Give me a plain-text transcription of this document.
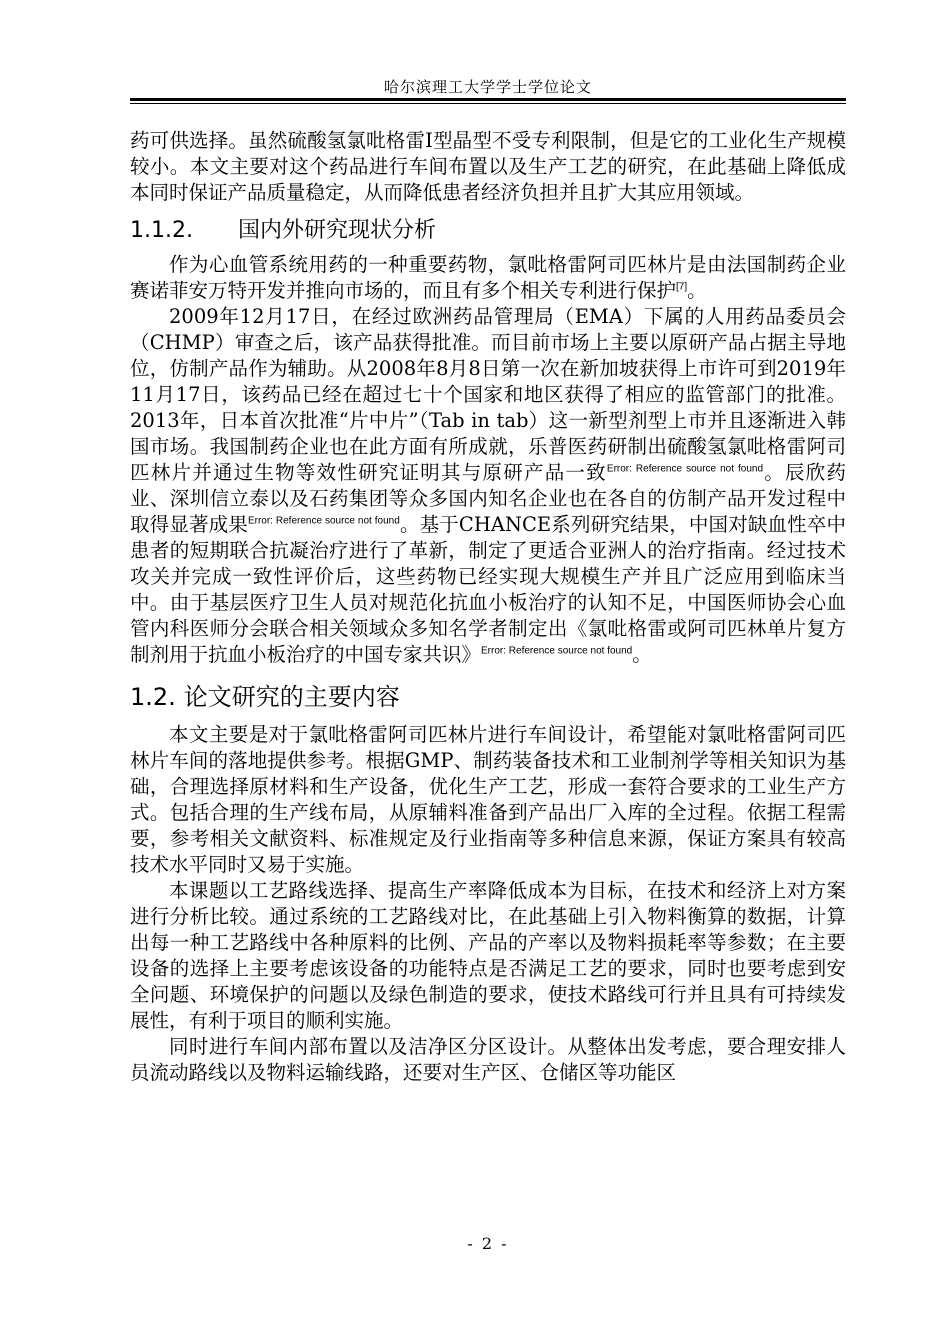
哈尔滨理工大学学士学位论文

药可供选择。虽然硫酸氢氯吡格雷Ⅰ型晶型不受专利限制，但是它的工业化生产规模较小。本文主要对这个药品进行车间布置以及生产工艺的研究，在此基础上降低成本同时保证产品质量稳定，从而降低患者经济负担并且扩大其应用领域。

1.1.2. 国内外研究现状分析

作为心血管系统用药的一种重要药物，氯吡格雷阿司匹林片是由法国制药企业赛诺菲安万特开发并推向市场的，而且有多个相关专利进行保护[7]。

2009年12月17日，在经过欧洲药品管理局（EMA）下属的人用药品委员会（CHMP）审查之后，该产品获得批准。而目前市场上主要以原研产品占据主导地位，仿制产品作为辅助。从2008年8月8日第一次在新加坡获得上市许可到2019年11月17日，该药品已经在超过七十个国家和地区获得了相应的监管部门的批准。2013年，日本首次批准“片中片”（Tab in tab）这一新型剂型上市并且逐渐进入韩国市场。我国制药企业也在此方面有所成就，乐普医药研制出硫酸氢氯吡格雷阿司匹林片并通过生物等效性研究证明其与原研产品一致$^{Error: Reference source not found}$。辰欣药业、深圳信立泰以及石药集团等众多国内知名企业也在各自的仿制产品开发过程中取得显著成果$^{Error: Reference source not found}$。基于CHANCE系列研究结果，中国对缺血性卒中患者的短期联合抗凝治疗进行了革新，制定了更适合亚洲人的治疗指南。经过技术攻关并完成一致性评价后，这些药物已经实现大规模生产并且广泛应用到临床当中。由于基层医疗卫生人员对规范化抗血小板治疗的认知不足，中国医师协会心血管内科医师分会联合相关领域众多知名学者制定出《氯吡格雷或阿司匹林单片复方制剂用于抗血小板治疗的中国专家共识》$^{Error: Reference source not found}$。

1.2. 论文研究的主要内容

本文主要是对于氯吡格雷阿司匹林片进行车间设计，希望能对氯吡格雷阿司匹林片车间的落地提供参考。根据GMP、制药装备技术和工业制剂学等相关知识为基础，合理选择原材料和生产设备，优化生产工艺，形成一套符合要求的工业生产方式。包括合理的生产线布局，从原辅料准备到产品出厂入库的全过程。依据工程需要，参考相关文献资料、标准规定及行业指南等多种信息来源，保证方案具有较高技术水平同时又易于实施。

本课题以工艺路线选择、提高生产率降低成本为目标，在技术和经济上对方案进行分析比较。通过系统的工艺路线对比，在此基础上引入物料衡算的数据，计算出每一种工艺路线中各种原料的比例、产品的产率以及物料损耗率等参数；在主要设备的选择上主要考虑该设备的功能特点是否满足工艺的要求，同时也要考虑到安全问题、环境保护的问题以及绿色制造的要求，使技术路线可行并且具有可持续发展性，有利于项目的顺利实施。

同时进行车间内部布置以及洁净区分区设计。从整体出发考虑，要合理安排人员流动路线以及物料运输线路，还要对生产区、仓储区等功能区

- 2 -
